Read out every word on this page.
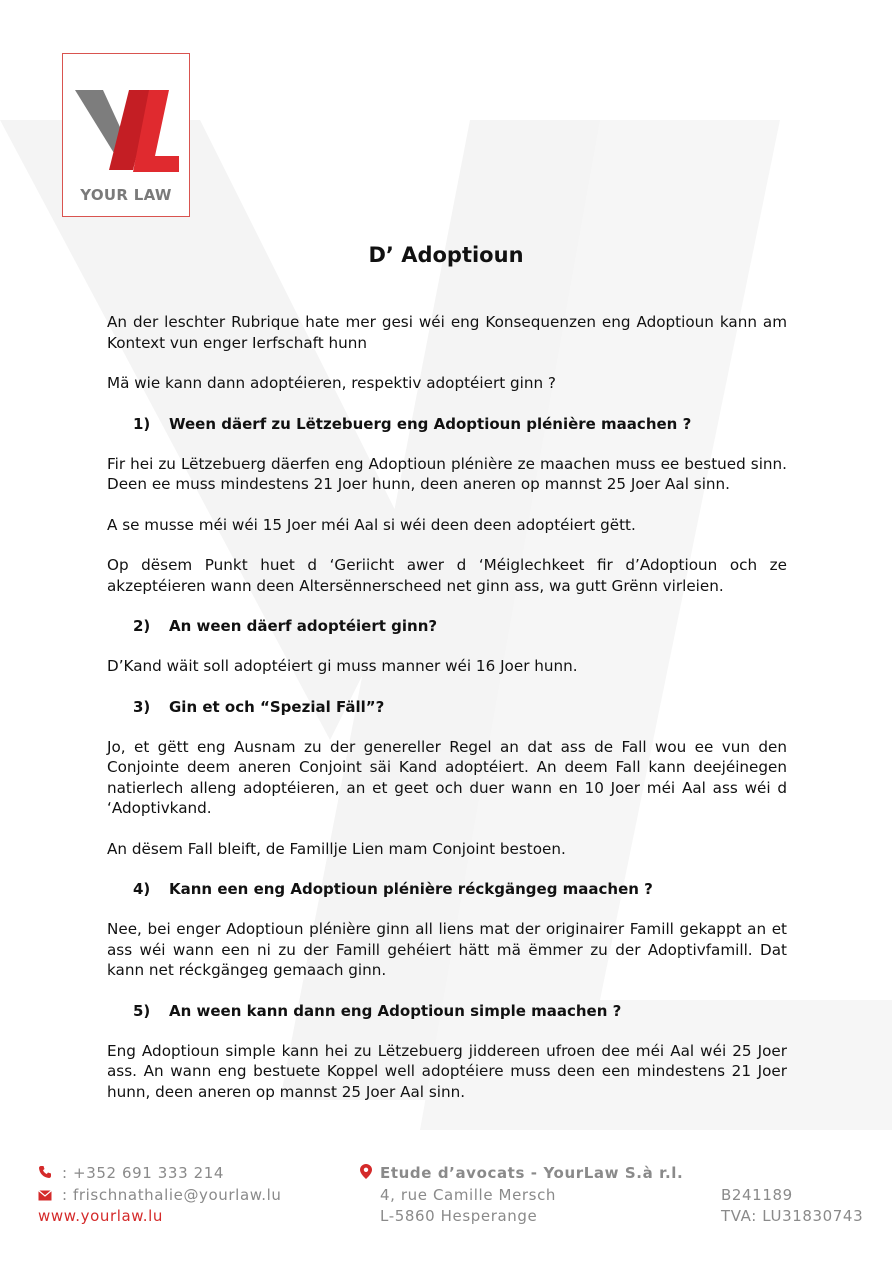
YOUR LAW
D’ Adoptioun

An der leschter Rubrique hate mer gesi wéi eng Konsequenzen eng Adoptioun kann am Kontext vun enger Ierfschaft hunn

Mä wie kann dann adoptéieren, respektiv adoptéiert ginn ?

1)	Ween däerf zu Lëtzebuerg eng Adoptioun plénière maachen ?

Fir hei zu Lëtzebuerg däerfen eng Adoptioun plénière ze maachen muss ee bestued sinn. Deen ee muss mindestens 21 Joer hunn, deen aneren op mannst 25 Joer Aal sinn.

A se musse méi wéi 15 Joer méi Aal si wéi deen deen adoptéiert gëtt.

Op dësem Punkt huet d ‘Geriicht awer d ‘Méiglechkeet fir d’Adoptioun och ze akzeptéieren wann deen Altersënnerscheed net ginn ass, wa gutt Grënn virleien.

2)	An ween däerf adoptéiert ginn?

D’Kand wäit soll adoptéiert gi muss manner wéi 16 Joer hunn.

3)	Gin et och “Spezial Fäll”?

Jo, et gëtt eng Ausnam zu der genereller Regel an dat ass de Fall wou ee vun den Conjointe deem aneren Conjoint säi Kand adoptéiert. An deem Fall kann deejéinegen natierlech alleng adoptéieren, an et geet och duer wann en 10 Joer méi Aal ass wéi d ‘Adoptivkand.

An dësem Fall bleift, de Famillje Lien mam Conjoint bestoen.

4)	Kann een eng Adoptioun plénière réckgängeg maachen ?

Nee, bei enger Adoptioun plénière ginn all liens mat der originairer Famill gekappt an et ass wéi wann een ni zu der Famill gehéiert hätt mä ëmmer zu der Adoptivfamill. Dat kann net réckgängeg gemaach ginn.

5)	An ween kann dann eng Adoptioun simple maachen ?

Eng Adoptioun simple kann hei zu Lëtzebuerg jiddereen ufroen dee méi Aal wéi 25 Joer ass. An wann eng bestuete Koppel well adoptéiere muss deen een mindestens 21 Joer hunn, deen aneren op mannst 25 Joer Aal sinn.

: +352 691 333 214
: frischnathalie@yourlaw.lu
www.yourlaw.lu
Etude d’avocats - YourLaw S.à r.l.
4, rue Camille Mersch
L-5860 Hesperange
B241189
TVA: LU31830743
